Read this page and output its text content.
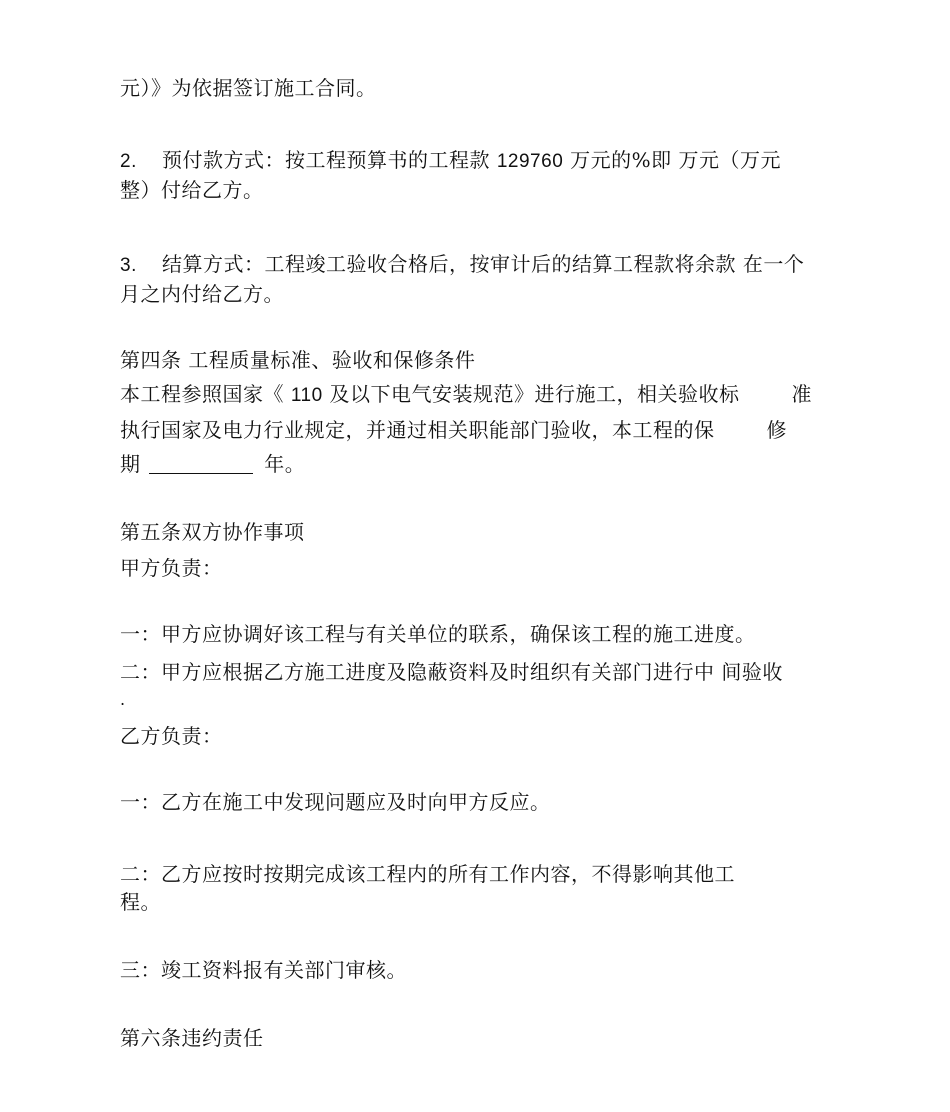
元）》为依据签订施工合同。
2. 预付款方式：按工程预算书的工程款 129760 万元的%即 万元（万元
整）付给乙方。
3. 结算方式：工程竣工验收合格后，按审计后的结算工程款将余款 在一个
月之内付给乙方。
第四条 工程质量标准、验收和保修条件
本工程参照国家《 110 及以下电气安装规范》进行施工，相关验收标	准
执行国家及电力行业规定，并通过相关职能部门验收，本工程的保	修
期	年。
第五条双方协作事项
甲方负责：
一：甲方应协调好该工程与有关单位的联系，确保该工程的施工进度。
二：甲方应根据乙方施工进度及隐蔽资料及时组织有关部门进行中 间验收
.
乙方负责：
一：乙方在施工中发现问题应及时向甲方反应。
二：乙方应按时按期完成该工程内的所有工作内容，不得影响其他工
程。
三：竣工资料报有关部门审核。
第六条违约责任
